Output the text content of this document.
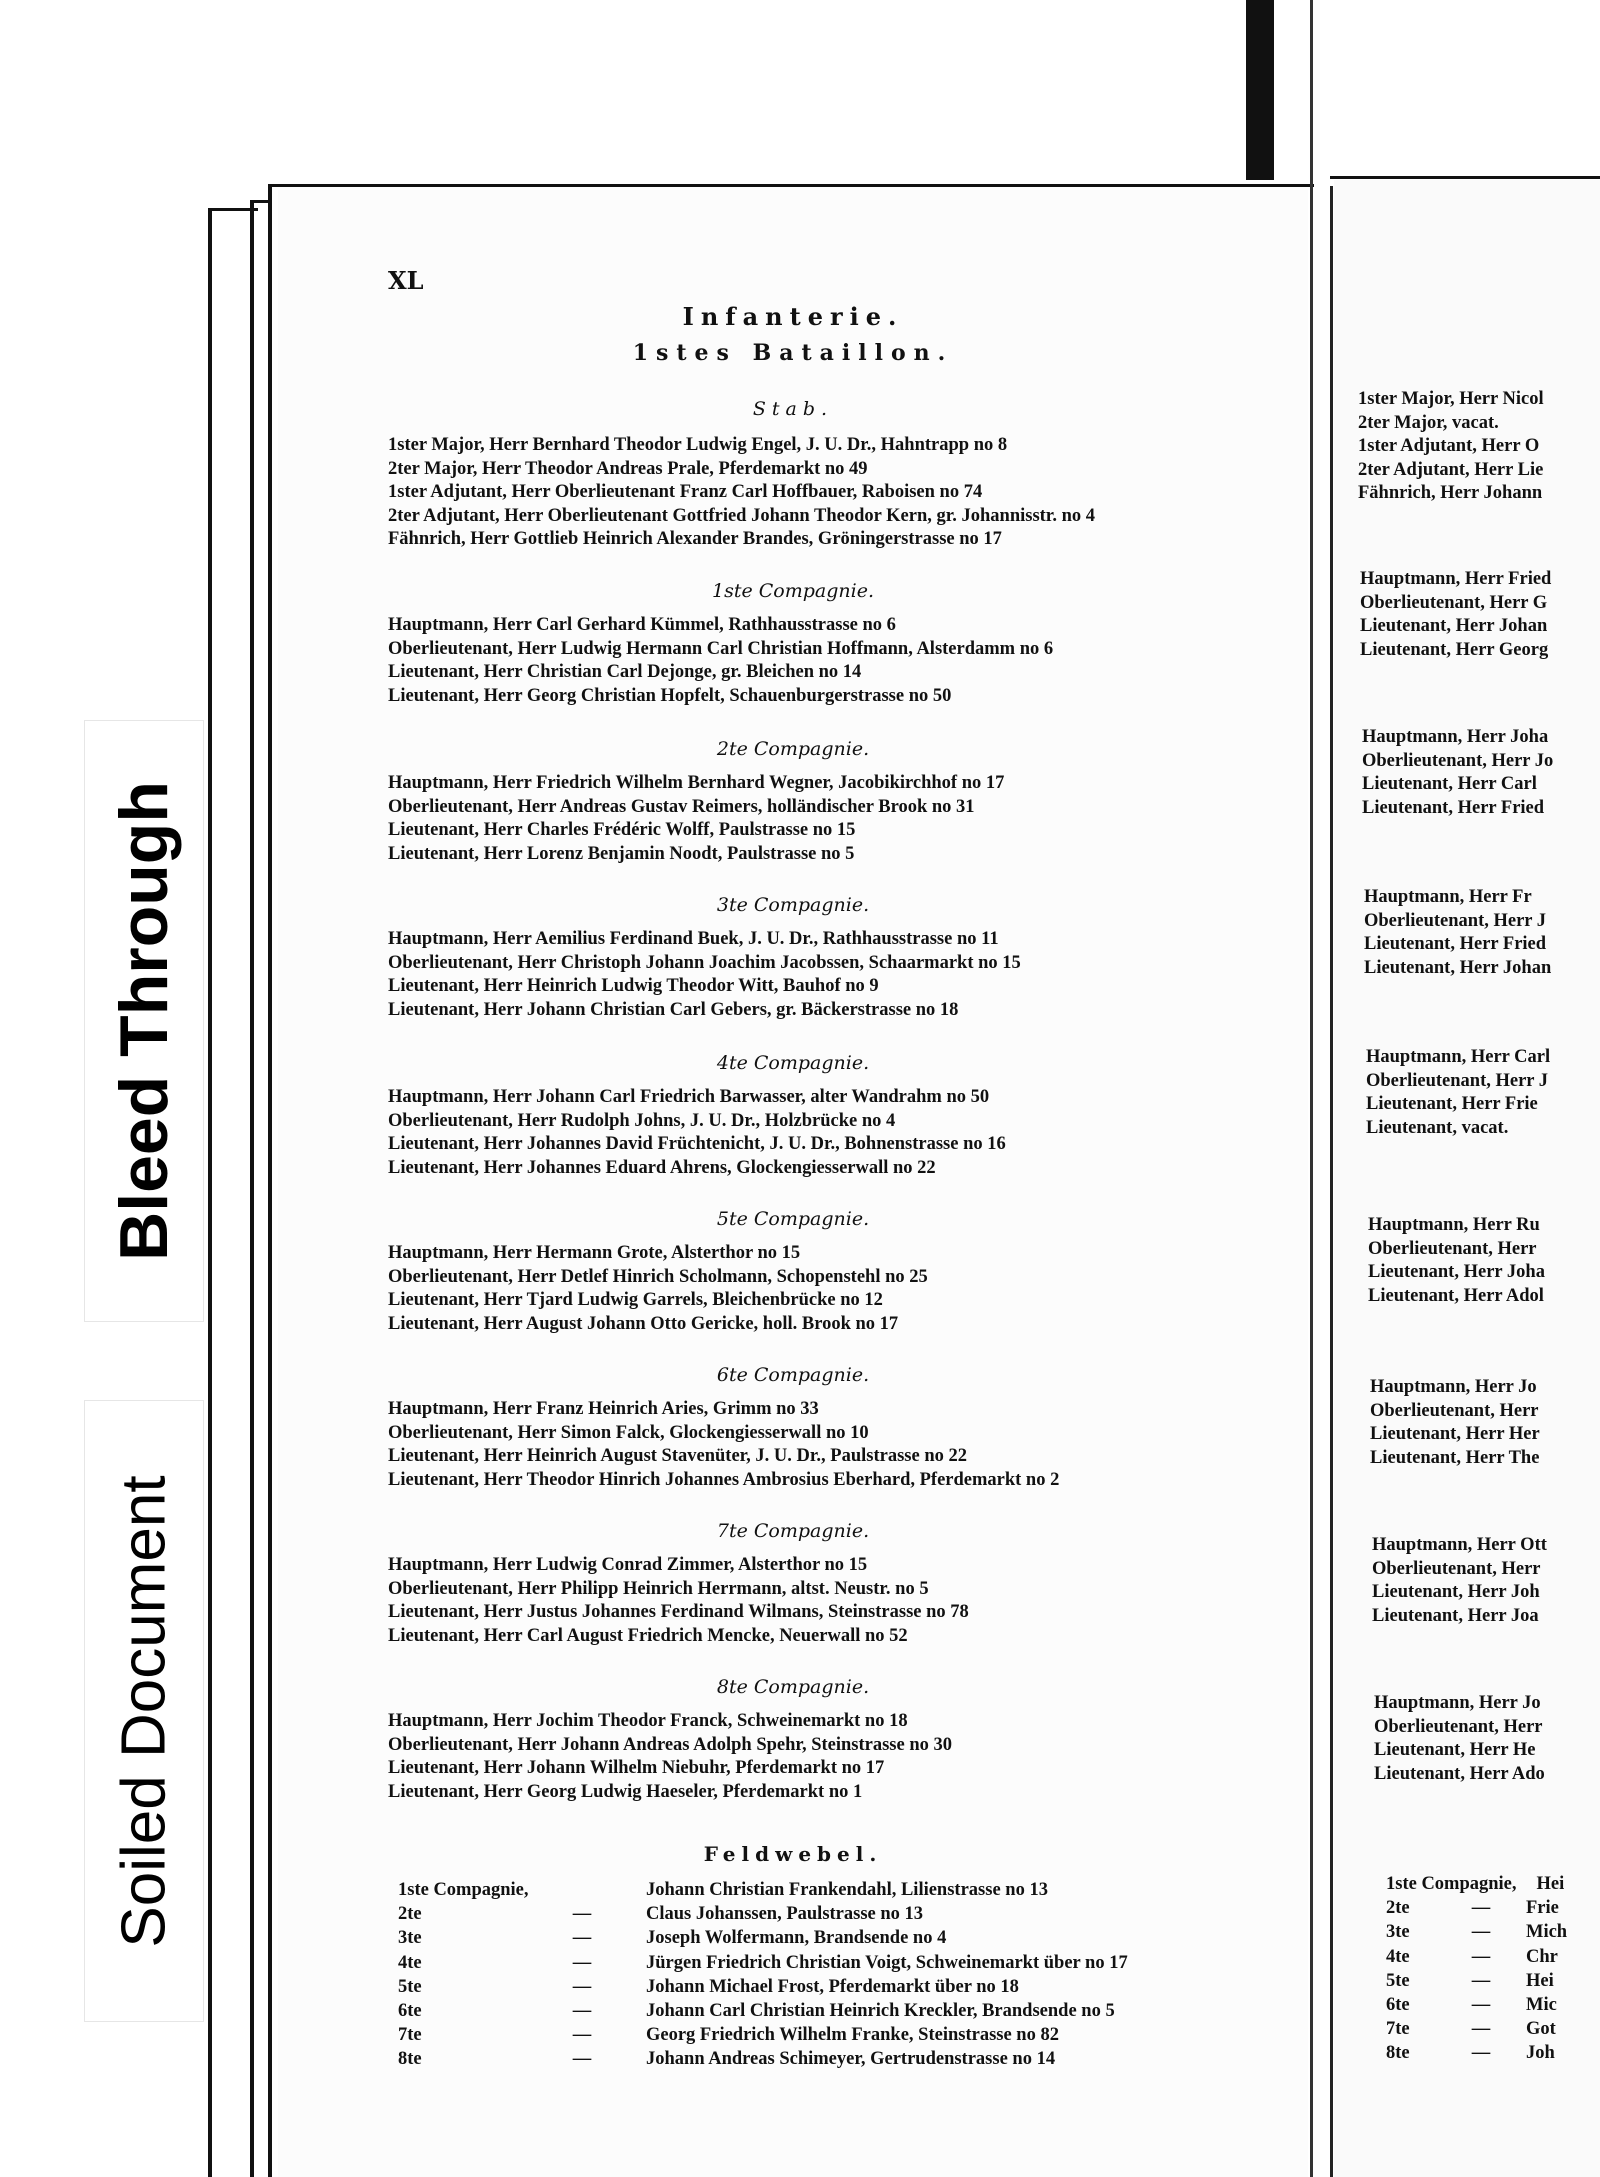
Bleed Through
Soiled Document
XL
Infanterie.
1stes Bataillon.
Stab.
1ster Major, Herr Bernhard Theodor Ludwig Engel, J. U. Dr., Hahntrapp no 8
2ter Major, Herr Theodor Andreas Prale, Pferdemarkt no 49
1ster Adjutant, Herr Oberlieutenant Franz Carl Hoffbauer, Raboisen no 74
2ter Adjutant, Herr Oberlieutenant Gottfried Johann Theodor Kern, gr. Johannisstr. no 4
Fähnrich, Herr Gottlieb Heinrich Alexander Brandes, Gröningerstrasse no 17
1ste Compagnie.
Hauptmann, Herr Carl Gerhard Kümmel, Rathhausstrasse no 6
Oberlieutenant, Herr Ludwig Hermann Carl Christian Hoffmann, Alsterdamm no 6
Lieutenant, Herr Christian Carl Dejonge, gr. Bleichen no 14
Lieutenant, Herr Georg Christian Hopfelt, Schauenburgerstrasse no 50
2te Compagnie.
Hauptmann, Herr Friedrich Wilhelm Bernhard Wegner, Jacobikirchhof no 17
Oberlieutenant, Herr Andreas Gustav Reimers, holländischer Brook no 31
Lieutenant, Herr Charles Frédéric Wolff, Paulstrasse no 15
Lieutenant, Herr Lorenz Benjamin Noodt, Paulstrasse no 5
3te Compagnie.
Hauptmann, Herr Aemilius Ferdinand Buek, J. U. Dr., Rathhausstrasse no 11
Oberlieutenant, Herr Christoph Johann Joachim Jacobssen, Schaarmarkt no 15
Lieutenant, Herr Heinrich Ludwig Theodor Witt, Bauhof no 9
Lieutenant, Herr Johann Christian Carl Gebers, gr. Bäckerstrasse no 18
4te Compagnie.
Hauptmann, Herr Johann Carl Friedrich Barwasser, alter Wandrahm no 50
Oberlieutenant, Herr Rudolph Johns, J. U. Dr., Holzbrücke no 4
Lieutenant, Herr Johannes David Früchtenicht, J. U. Dr., Bohnenstrasse no 16
Lieutenant, Herr Johannes Eduard Ahrens, Glockengiesserwall no 22
5te Compagnie.
Hauptmann, Herr Hermann Grote, Alsterthor no 15
Oberlieutenant, Herr Detlef Hinrich Scholmann, Schopenstehl no 25
Lieutenant, Herr Tjard Ludwig Garrels, Bleichenbrücke no 12
Lieutenant, Herr August Johann Otto Gericke, holl. Brook no 17
6te Compagnie.
Hauptmann, Herr Franz Heinrich Aries, Grimm no 33
Oberlieutenant, Herr Simon Falck, Glockengiesserwall no 10
Lieutenant, Herr Heinrich August Stavenüter, J. U. Dr., Paulstrasse no 22
Lieutenant, Herr Theodor Hinrich Johannes Ambrosius Eberhard, Pferdemarkt no 2
7te Compagnie.
Hauptmann, Herr Ludwig Conrad Zimmer, Alsterthor no 15
Oberlieutenant, Herr Philipp Heinrich Herrmann, altst. Neustr. no 5
Lieutenant, Herr Justus Johannes Ferdinand Wilmans, Steinstrasse no 78
Lieutenant, Herr Carl August Friedrich Mencke, Neuerwall no 52
8te Compagnie.
Hauptmann, Herr Jochim Theodor Franck, Schweinemarkt no 18
Oberlieutenant, Herr Johann Andreas Adolph Spehr, Steinstrasse no 30
Lieutenant, Herr Johann Wilhelm Niebuhr, Pferdemarkt no 17
Lieutenant, Herr Georg Ludwig Haeseler, Pferdemarkt no 1
Feldwebel.
1ste Compagnie,	Johann Christian Frankendahl, Lilienstrasse no 13
2te	—	Claus Johanssen, Paulstrasse no 13
3te	—	Joseph Wolfermann, Brandsende no 4
4te	—	Jürgen Friedrich Christian Voigt, Schweinemarkt über no 17
5te	—	Johann Michael Frost, Pferdemarkt über no 18
6te	—	Johann Carl Christian Heinrich Kreckler, Brandsende no 5
7te	—	Georg Friedrich Wilhelm Franke, Steinstrasse no 82
8te	—	Johann Andreas Schimeyer, Gertrudenstrasse no 14
1ster Major, Herr Nicol
2ter Major, vacat.
1ster Adjutant, Herr O
2ter Adjutant, Herr Lie
Fähnrich, Herr Johann
Hauptmann, Herr Fried
Oberlieutenant, Herr G
Lieutenant, Herr Johan
Lieutenant, Herr Georg
Hauptmann, Herr Joha
Oberlieutenant, Herr Jo
Lieutenant, Herr Carl
Lieutenant, Herr Fried
Hauptmann, Herr Fr
Oberlieutenant, Herr J
Lieutenant, Herr Fried
Lieutenant, Herr Johan
Hauptmann, Herr Carl
Oberlieutenant, Herr J
Lieutenant, Herr Frie
Lieutenant, vacat.
Hauptmann, Herr Ru
Oberlieutenant, Herr
Lieutenant, Herr Joha
Lieutenant, Herr Adol
Hauptmann, Herr Jo
Oberlieutenant, Herr
Lieutenant, Herr Her
Lieutenant, Herr The
Hauptmann, Herr Ott
Oberlieutenant, Herr
Lieutenant, Herr Joh
Lieutenant, Herr Joa
Hauptmann, Herr Jo
Oberlieutenant, Herr
Lieutenant, Herr He
Lieutenant, Herr Ado
1ste Compagnie, Hei
2te	—	Frie
3te	—	Mich
4te	—	Chr
5te	—	Hei
6te	—	Mic
7te	—	Got
8te	—	Joh
